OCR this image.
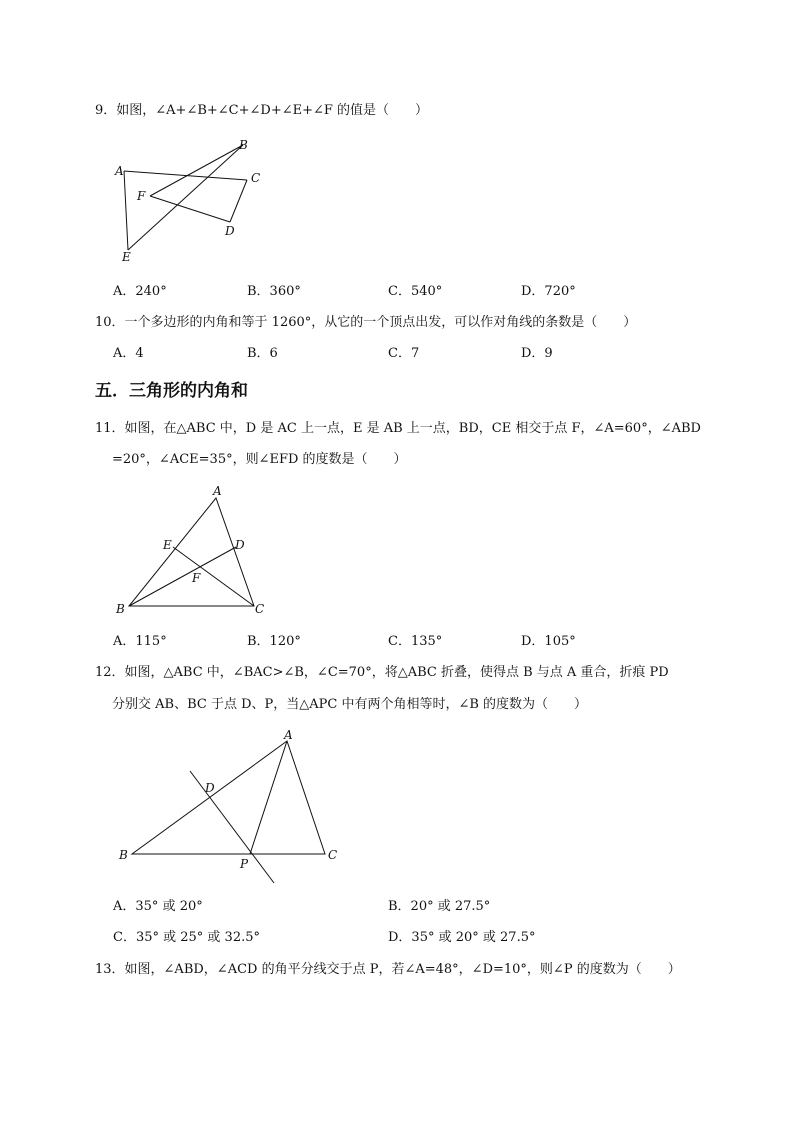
9．如图，∠A+∠B+∠C+∠D+∠E+∠F 的值是（　　）
A
B
C
D
E
F
A．240°	B．360°	C．540°	D．720°
10．一个多边形的内角和等于 1260°，从它的一个顶点出发，可以作对角线的条数是（　　）
A．4	B．6	C．7	D．9
五．三角形的内角和
11．如图，在△ABC 中，D 是 AC 上一点，E 是 AB 上一点，BD，CE 相交于点 F，∠A=60°，∠ABD
=20°，∠ACE=35°，则∠EFD 的度数是（　　）
A
B	C
D
E
F
A．115°	B．120°	C．135°	D．105°
12．如图，△ABC 中，∠BAC>∠B，∠C=70°，将△ABC 折叠，使得点 B 与点 A 重合，折痕 PD
分别交 AB、BC 于点 D、P，当△APC 中有两个角相等时，∠B 的度数为（　　）
A
B	C
D
P
A．35° 或 20°	B．20° 或 27.5°
C．35° 或 25° 或 32.5°	D．35° 或 20° 或 27.5°
13．如图，∠ABD，∠ACD 的角平分线交于点 P，若∠A=48°，∠D=10°，则∠P 的度数为（　　）
